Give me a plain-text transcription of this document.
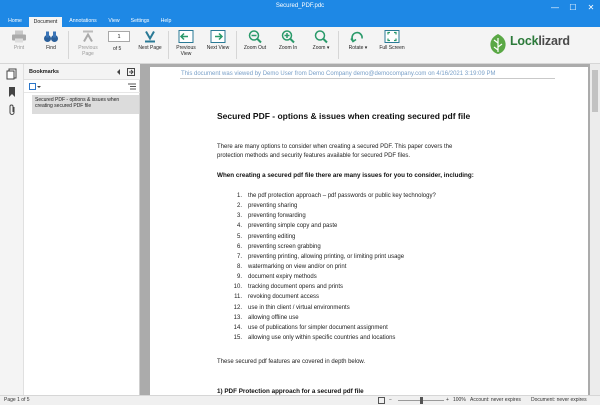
Secured_PDF.pdc	—	☐	✕
Home	Document	Annotations	View	Settings	Help
Print	Find	Previous Page
1
of 5	Next Page	Previous View
Next View	Zoom Out	Zoom In	Zoom ▾	Rotate ▾	Full Screen	Locklizard
Bookmarks
Secured PDF - options & issues when creating secured PDF file
This document was viewed by Demo User from Demo Company demo@democompany.com on 4/16/2021 3:19:09 PM
Secured PDF - options & issues when creating secured pdf file
There are many options to consider when creating a secured PDF. This paper covers the
protection methods and security features available for secured PDF files.
When creating a secured pdf file there are many issues for you to consider, including:
1. the pdf protection approach – pdf passwords or public key technology?
2. preventing sharing
3. preventing forwarding
4. preventing simple copy and paste
5. preventing editing
6. preventing screen grabbing
7. preventing printing, allowing printing, or limiting print usage
8. watermarking on view and/or on print
9. document expiry methods
10. tracking document opens and prints
11. revoking document access
12. use in thin client / virtual environments
13. allowing offline use
14. use of publications for simpler document assignment
15. allowing use only within specific countries and locations
These secured pdf features are covered in depth below.
1) PDF Protection approach for a secured pdf file
Page 1 of 5	−	+ 100% Account: never expires Document: never expires
